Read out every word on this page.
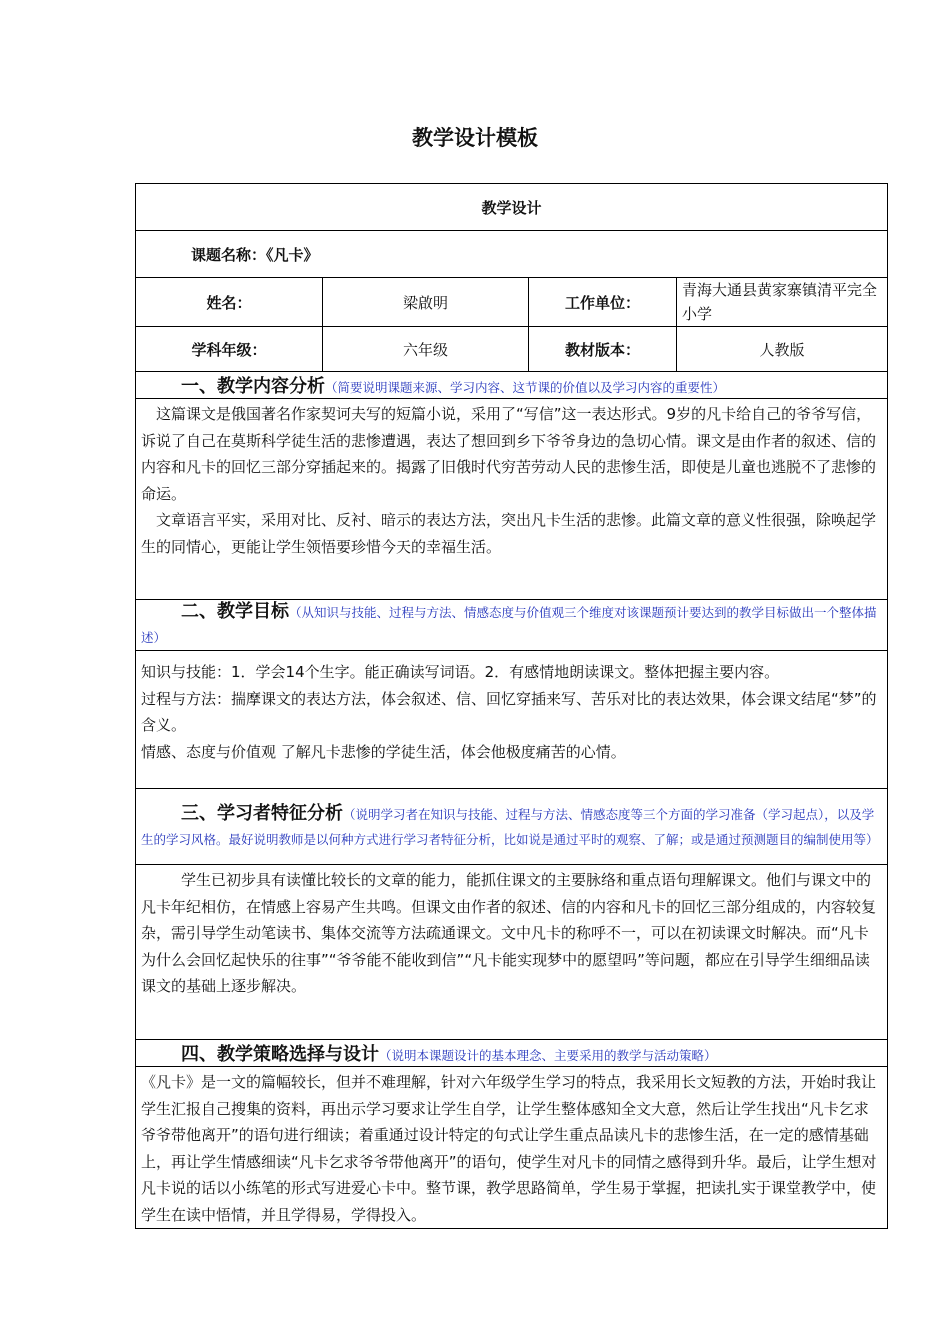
教学设计模板
教学设计			
课题名称：《凡卡》			
姓名：	梁啟明	工作单位：	青海大通县黄家寨镇清平完全小学
学科年级：	六年级	教材版本：	人教版
一、教学内容分析（简要说明课题来源、学习内容、这节课的价值以及学习内容的重要性）			

这篇课文是俄国著名作家契诃夫写的短篇小说，采用了“写信”这一表达形式。9岁的凡卡给自己的爷爷写信，诉说了自己在莫斯科学徒生活的悲惨遭遇，表达了想回到乡下爷爷身边的急切心情。课文是由作者的叙述、信的内容和凡卡的回忆三部分穿插起来的。揭露了旧俄时代穷苦劳动人民的悲惨生活，即使是儿童也逃脱不了悲惨的命运。

文章语言平实，采用对比、反衬、暗示的表达方法，突出凡卡生活的悲惨。此篇文章的意义性很强，除唤起学生的同情心，更能让学生领悟要珍惜今天的幸福生活。			

二、教学目标（从知识与技能、过程与方法、情感态度与价值观三个维度对该课题预计要达到的教学目标做出一个整体描述）			

知识与技能：1．学会14个生字。能正确读写词语。2．有感情地朗读课文。整体把握主要内容。

过程与方法：揣摩课文的表达方法，体会叙述、信、回忆穿插来写、苦乐对比的表达效果，体会课文结尾“梦”的含义。

情感、态度与价值观 了解凡卡悲惨的学徒生活，体会他极度痛苦的心情。			

三、学习者特征分析（说明学习者在知识与技能、过程与方法、情感态度等三个方面的学习准备（学习起点），以及学生的学习风格。最好说明教师是以何种方式进行学习者特征分析，比如说是通过平时的观察、了解；或是通过预测题目的编制使用等）			

学生已初步具有读懂比较长的文章的能力，能抓住课文的主要脉络和重点语句理解课文。他们与课文中的凡卡年纪相仿，在情感上容易产生共鸣。但课文由作者的叙述、信的内容和凡卡的回忆三部分组成的，内容较复杂，需引导学生动笔读书、集体交流等方法疏通课文。文中凡卡的称呼不一，可以在初读课文时解决。而“凡卡为什么会回忆起快乐的往事”“爷爷能不能收到信”“凡卡能实现梦中的愿望吗”等问题，都应在引导学生细细品读课文的基础上逐步解决。			

四、教学策略选择与设计（说明本课题设计的基本理念、主要采用的教学与活动策略）			

《凡卡》是一文的篇幅较长，但并不难理解，针对六年级学生学习的特点，我采用长文短教的方法，开始时我让学生汇报自己搜集的资料，再出示学习要求让学生自学，让学生整体感知全文大意，然后让学生找出“凡卡乞求爷爷带他离开”的语句进行细读；着重通过设计特定的句式让学生重点品读凡卡的悲惨生活，在一定的感情基础上，再让学生情感细读“凡卡乞求爷爷带他离开”的语句，使学生对凡卡的同情之感得到升华。最后，让学生想对凡卡说的话以小练笔的形式写进爱心卡中。整节课，教学思路简单，学生易于掌握，把读扎实于课堂教学中，使学生在读中悟情，并且学得易，学得投入。			
